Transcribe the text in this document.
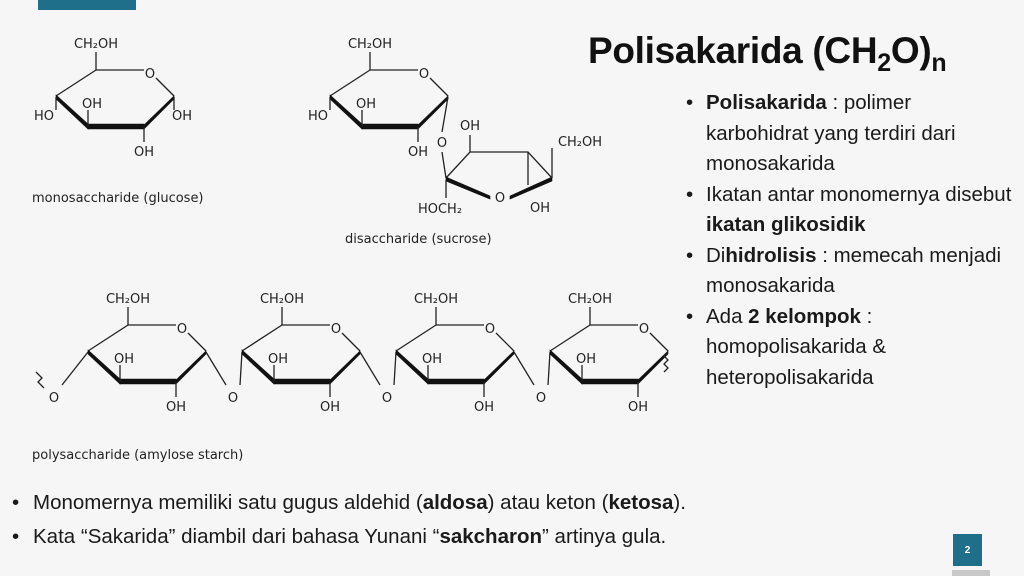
O
CH₂OH
OH
OH
HO	OH
monosaccharide (glucose)
O
CH₂OH
OH
OH
HO
O
O
OH
CH₂OH
HOCH₂	OH
disaccharide (sucrose)
O
CH₂OH
OH
OH
O
O
CH₂OH
OH
OH
O
O
CH₂OH
OH
OH
O
O
CH₂OH
OH
OH
O
polysaccharide (amylose starch)
Polisakarida $(CH_2O)_n$
• Polisakarida : polimer karbohidrat yang terdiri dari monosakarida
• Ikatan antar monomernya disebut ikatan glikosidik
• Dihidrolisis : memecah menjadi monosakarida
• Ada 2 kelompok : homopolisakarida & heteropolisakarida
• Monomernya memiliki satu gugus aldehid (aldosa) atau keton (ketosa).
• Kata “Sakarida” diambil dari bahasa Yunani “sakcharon” artinya gula.
2
